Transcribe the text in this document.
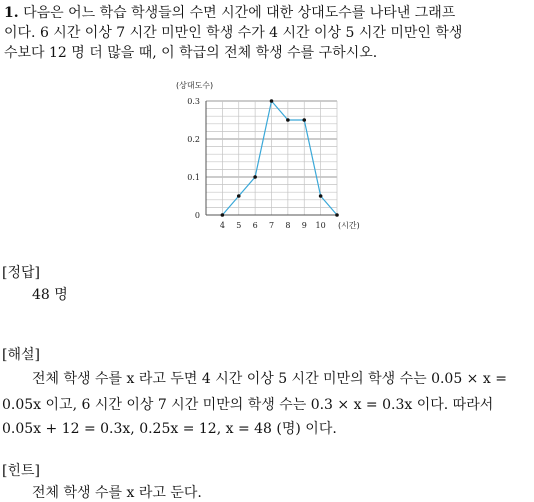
1. 다음은 어느 학습 학생들의 수면 시간에 대한 상대도수를 나타낸 그래프
이다. 6 시간 이상 7 시간 미만인 학생 수가 4 시간 이상 5 시간 미만인 학생
수보다 12 명 더 많을 때, 이 학급의 전체 학생 수를 구하시오.
0
0.1
0.2
0.3
4 5 6 7 8 9 10
(상대도수)
(시간)
[정답]
48 명
[해설]
전체 학생 수를 x 라고 두면 4 시간 이상 5 시간 미만의 학생 수는 0.05 × x =
0.05x 이고, 6 시간 이상 7 시간 미만의 학생 수는 0.3 × x = 0.3x 이다. 따라서
0.05x + 12 = 0.3x, 0.25x = 12, x = 48 (명) 이다.
[힌트]
전체 학생 수를 x 라고 둔다.
